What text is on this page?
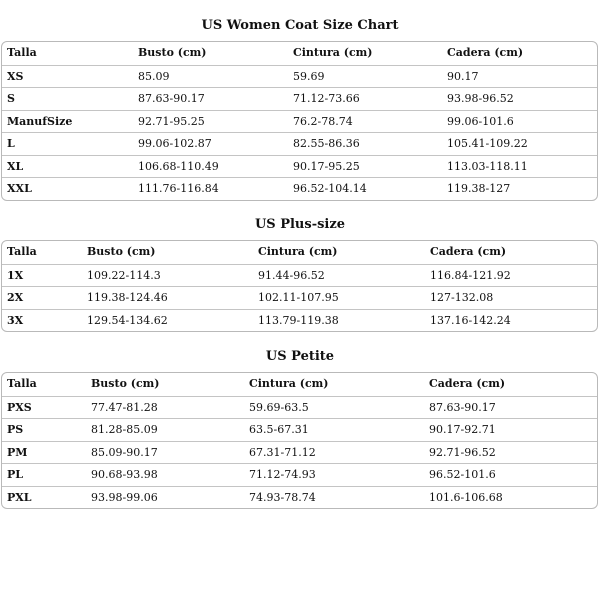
US Women Coat Size Chart
Talla	Busto (cm)	Cintura (cm)	Cadera (cm)
XS	85.09	59.69	90.17
S	87.63-90.17	71.12-73.66	93.98-96.52
ManufSize	92.71-95.25	76.2-78.74	99.06-101.6
L	99.06-102.87	82.55-86.36	105.41-109.22
XL	106.68-110.49	90.17-95.25	113.03-118.11
XXL	111.76-116.84	96.52-104.14	119.38-127
US Plus-size
Talla	Busto (cm)	Cintura (cm)	Cadera (cm)
1X	109.22-114.3	91.44-96.52	116.84-121.92
2X	119.38-124.46	102.11-107.95	127-132.08
3X	129.54-134.62	113.79-119.38	137.16-142.24
US Petite
Talla	Busto (cm)	Cintura (cm)	Cadera (cm)
PXS	77.47-81.28	59.69-63.5	87.63-90.17
PS	81.28-85.09	63.5-67.31	90.17-92.71
PM	85.09-90.17	67.31-71.12	92.71-96.52
PL	90.68-93.98	71.12-74.93	96.52-101.6
PXL	93.98-99.06	74.93-78.74	101.6-106.68
